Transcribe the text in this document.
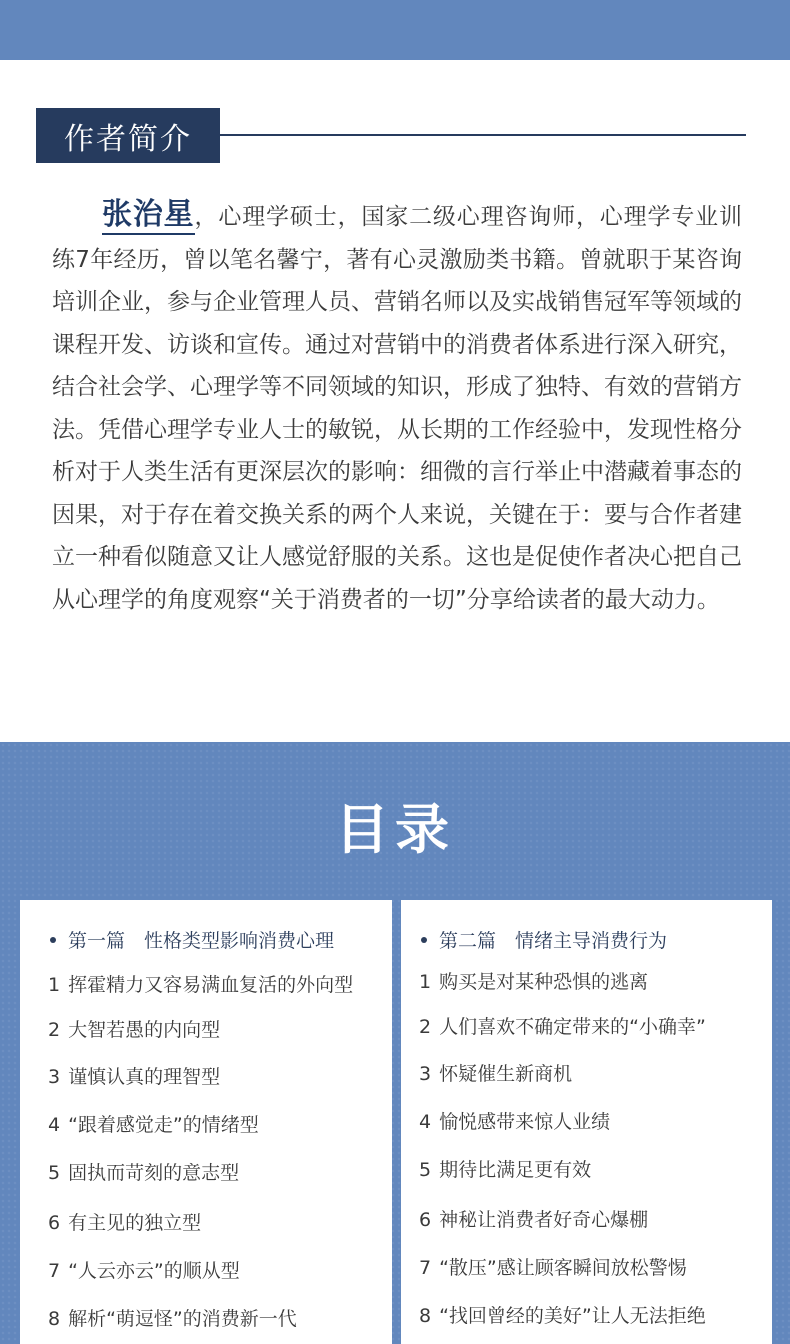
作者简介

张治星，心理学硕士，国家二级心理咨询师，心理学专业训练7年经历，曾以笔名馨宁，著有心灵激励类书籍。曾就职于某咨询培训企业，参与企业管理人员、营销名师以及实战销售冠军等领域的课程开发、访谈和宣传。通过对营销中的消费者体系进行深入研究，结合社会学、心理学等不同领域的知识，形成了独特、有效的营销方法。凭借心理学专业人士的敏锐，从长期的工作经验中，发现性格分析对于人类生活有更深层次的影响：细微的言行举止中潜藏着事态的因果，对于存在着交换关系的两个人来说，关键在于：要与合作者建立一种看似随意又让人感觉舒服的关系。这也是促使作者决心把自己从心理学的角度观察“关于消费者的一切”分享给读者的最大动力。

目录
第一篇　性格类型影响消费心理
1 挥霍精力又容易满血复活的外向型
2 大智若愚的内向型
3 谨慎认真的理智型
4 “跟着感觉走”的情绪型
5 固执而苛刻的意志型
6 有主见的独立型
7 “人云亦云”的顺从型
8 解析“萌逗怪”的消费新一代
第二篇　情绪主导消费行为
1 购买是对某种恐惧的逃离
2 人们喜欢不确定带来的“小确幸”
3 怀疑催生新商机
4 愉悦感带来惊人业绩
5 期待比满足更有效
6 神秘让消费者好奇心爆棚
7 “散压”感让顾客瞬间放松警惕
8 “找回曾经的美好”让人无法拒绝
